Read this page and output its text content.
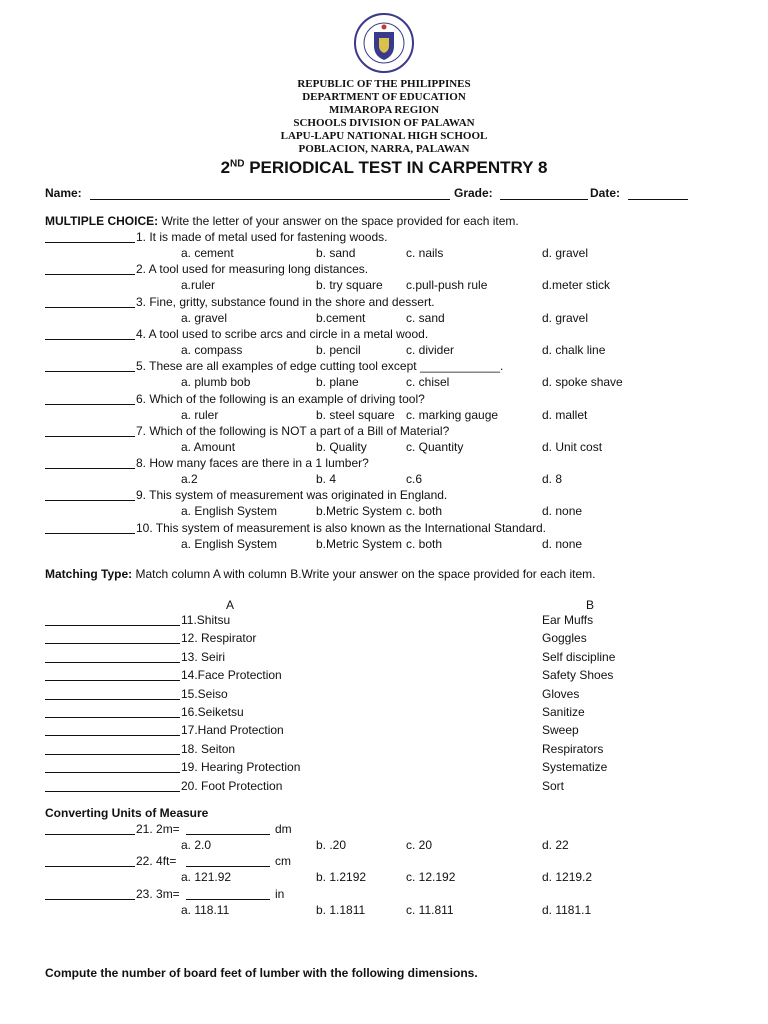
REPUBLIC OF THE PHILIPPINES
DEPARTMENT OF EDUCATION
MIMAROPA REGION
SCHOOLS DIVISION OF PALAWAN
LAPU-LAPU NATIONAL HIGH SCHOOL
POBLACION, NARRA, PALAWAN
2ND PERIODICAL TEST IN CARPENTRY 8
Name:	Grade:	Date:
MULTIPLE CHOICE: Write the letter of your answer on the space provided for each item.
1. It is made of metal used for fastening woods.
a. cement	b. sand	c. nails	d. gravel
2. A tool used for measuring long distances.
a.ruler	b. try square c.pull-push rule	d.meter stick
3. Fine, gritty, substance found in the shore and dessert.
a. gravel	b.cement	c. sand	d. gravel
4. A tool used to scribe arcs and circle in a metal wood.
a. compass	b. pencil	c. divider	d. chalk line
5. These are all examples of edge cutting tool except ____________.
a. plumb bob	b. plane	c. chisel	d. spoke shave
6. Which of the following is an example of driving tool?
a. ruler	b. steel square c. marking gauge	d. mallet
7. Which of the following is NOT a part of a Bill of Material?
a. Amount	b. Quality	c. Quantity	d. Unit cost
8. How many faces are there in a 1 lumber?
a.2	b. 4	c.6	d. 8
9. This system of measurement was originated in England.
a. English System	b.Metric System c. both	d. none
10. This system of measurement is also known as the International Standard.
a. English System	b.Metric System c. both	d. none
Matching Type: Match column A with column B.Write your answer on the space provided for each item.
A	B
11.Shitsu	Ear Muffs
12. Respirator	Goggles
13. Seiri	Self discipline
14.Face Protection	Safety Shoes
15.Seiso	Gloves
16.Seiketsu	Sanitize
17.Hand Protection	Sweep
18. Seiton	Respirators
19. Hearing Protection	Systematize
20. Foot Protection	Sort
Converting Units of Measure
21. 2m=	dm
a. 2.0	b. .20	c. 20	d. 22
22. 4ft=	cm
a. 121.92	b. 1.2192	c. 12.192	d. 1219.2
23. 3m=	in
a. 118.11	b. 1.1811	c. 11.811	d. 1181.1
Compute the number of board feet of lumber with the following dimensions.
